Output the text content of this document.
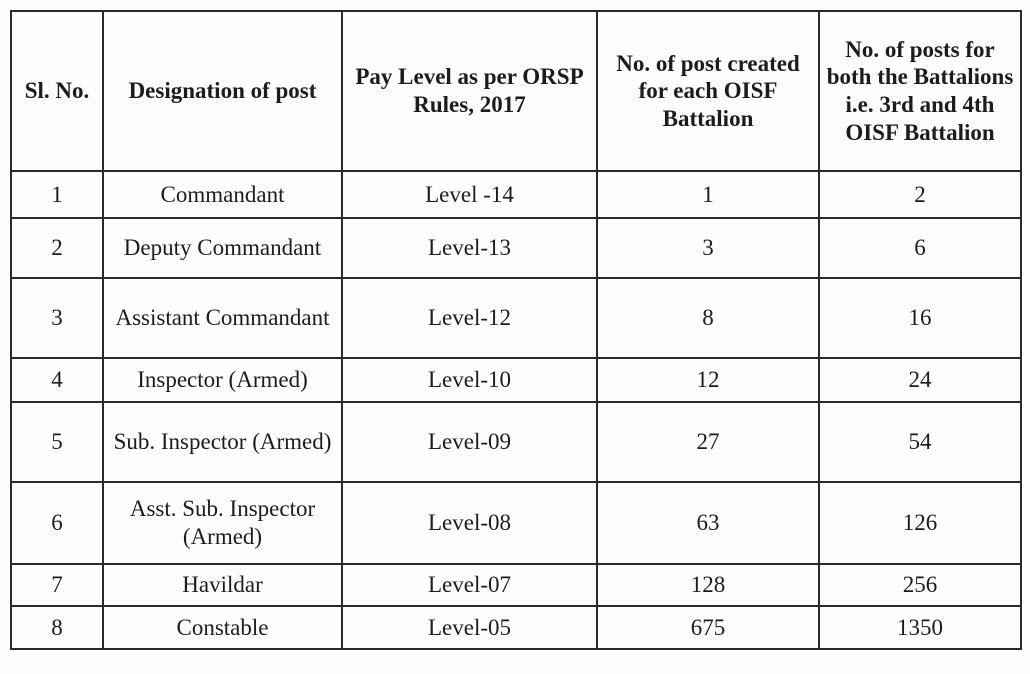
Sl. No.	Designation of post	Pay Level as per ORSP Rules, 2017	No. of post created for each OISF Battalion	No. of posts for both the Battalions i.e. 3rd and 4th OISF Battalion
1	Commandant	Level -14	1	2
2	Deputy Commandant	Level-13	3	6
3	Assistant Commandant	Level-12	8	16
4	Inspector (Armed)	Level-10	12	24
5	Sub. Inspector (Armed)	Level-09	27	54
6	Asst. Sub. Inspector (Armed)	Level-08	63	126
7	Havildar	Level-07	128	256
8	Constable	Level-05	675	1350
